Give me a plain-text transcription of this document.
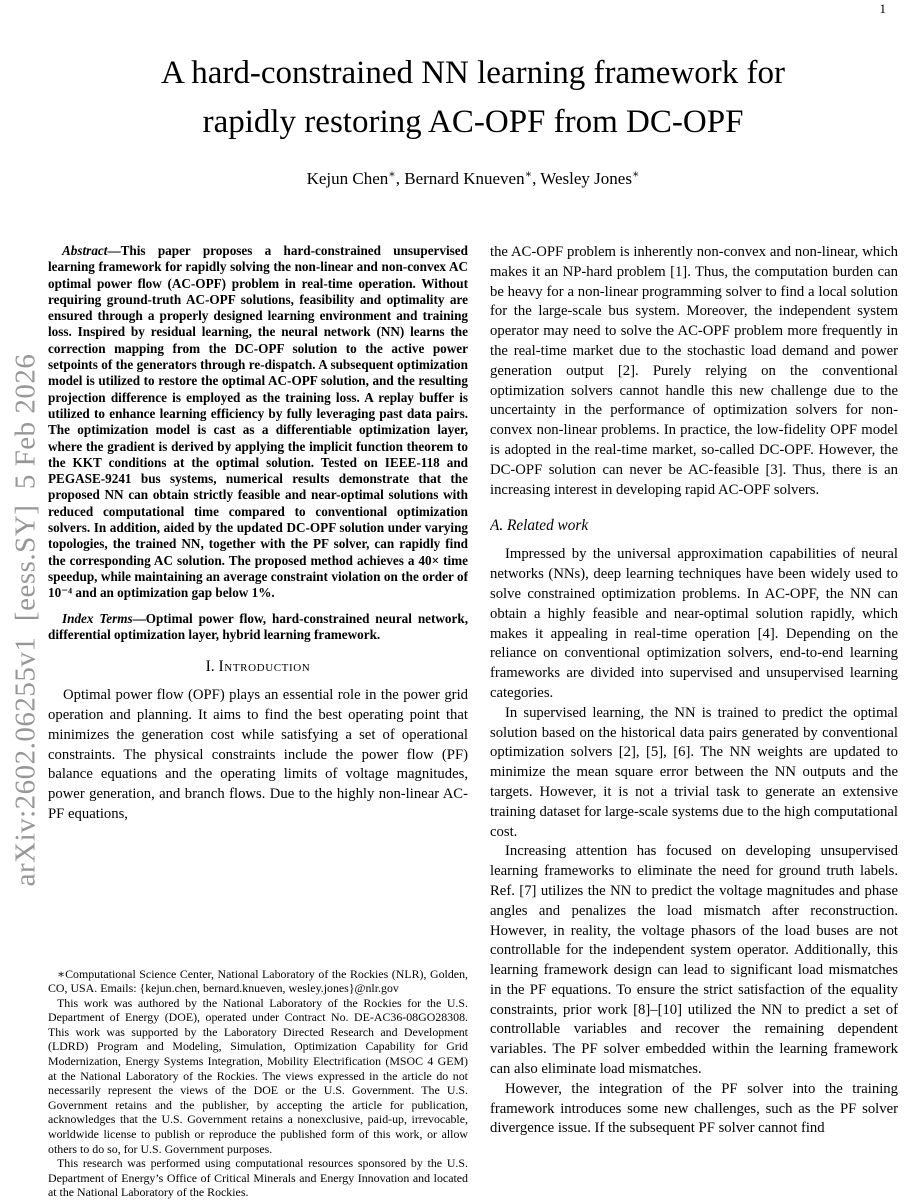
1
arXiv:2602.06255v1  [eess.SY]  5 Feb 2026
A hard-constrained NN learning framework for
rapidly restoring AC-OPF from DC-OPF
Kejun Chen∗, Bernard Knueven∗, Wesley Jones∗

Abstract—This paper proposes a hard-constrained unsupervised learning framework for rapidly solving the non-linear and non-convex AC optimal power flow (AC-OPF) problem in real-time operation. Without requiring ground-truth AC-OPF solutions, feasibility and optimality are ensured through a properly designed learning environment and training loss. Inspired by residual learning, the neural network (NN) learns the correction mapping from the DC-OPF solution to the active power setpoints of the generators through re-dispatch. A subsequent optimization model is utilized to restore the optimal AC-OPF solution, and the resulting projection difference is employed as the training loss. A replay buffer is utilized to enhance learning efficiency by fully leveraging past data pairs. The optimization model is cast as a differentiable optimization layer, where the gradient is derived by applying the implicit function theorem to the KKT conditions at the optimal solution. Tested on IEEE-118 and PEGASE-9241 bus systems, numerical results demonstrate that the proposed NN can obtain strictly feasible and near-optimal solutions with reduced computational time compared to conventional optimization solvers. In addition, aided by the updated DC-OPF solution under varying topologies, the trained NN, together with the PF solver, can rapidly find the corresponding AC solution. The proposed method achieves a 40× time speedup, while maintaining an average constraint violation on the order of 10⁻⁴ and an optimization gap below 1%.

Index Terms—Optimal power flow, hard-constrained neural network, differential optimization layer, hybrid learning framework.

I. Introduction

Optimal power flow (OPF) plays an essential role in the power grid operation and planning. It aims to find the best operating point that minimizes the generation cost while satisfying a set of operational constraints. The physical constraints include the power flow (PF) balance equations and the operating limits of voltage magnitudes, power generation, and branch flows. Due to the highly non-linear AC-PF equations,

∗Computational Science Center, National Laboratory of the Rockies (NLR), Golden, CO, USA. Emails: {kejun.chen, bernard.knueven, wesley.jones}@nlr.gov

This work was authored by the National Laboratory of the Rockies for the U.S. Department of Energy (DOE), operated under Contract No. DE-AC36-08GO28308. This work was supported by the Laboratory Directed Research and Development (LDRD) Program and Modeling, Simulation, Optimization Capability for Grid Modernization, Energy Systems Integration, Mobility Electrification (MSOC 4 GEM) at the National Laboratory of the Rockies. The views expressed in the article do not necessarily represent the views of the DOE or the U.S. Government. The U.S. Government retains and the publisher, by accepting the article for publication, acknowledges that the U.S. Government retains a nonexclusive, paid-up, irrevocable, worldwide license to publish or reproduce the published form of this work, or allow others to do so, for U.S. Government purposes.

This research was performed using computational resources sponsored by the U.S. Department of Energy’s Office of Critical Minerals and Energy Innovation and located at the National Laboratory of the Rockies.

the AC-OPF problem is inherently non-convex and non-linear, which makes it an NP-hard problem [1]. Thus, the computation burden can be heavy for a non-linear programming solver to find a local solution for the large-scale bus system. Moreover, the independent system operator may need to solve the AC-OPF problem more frequently in the real-time market due to the stochastic load demand and power generation output [2]. Purely relying on the conventional optimization solvers cannot handle this new challenge due to the uncertainty in the performance of optimization solvers for non-convex non-linear problems. In practice, the low-fidelity OPF model is adopted in the real-time market, so-called DC-OPF. However, the DC-OPF solution can never be AC-feasible [3]. Thus, there is an increasing interest in developing rapid AC-OPF solvers.

A. Related work

Impressed by the universal approximation capabilities of neural networks (NNs), deep learning techniques have been widely used to solve constrained optimization problems. In AC-OPF, the NN can obtain a highly feasible and near-optimal solution rapidly, which makes it appealing in real-time operation [4]. Depending on the reliance on conventional optimization solvers, end-to-end learning frameworks are divided into supervised and unsupervised learning categories.

In supervised learning, the NN is trained to predict the optimal solution based on the historical data pairs generated by conventional optimization solvers [2], [5], [6]. The NN weights are updated to minimize the mean square error between the NN outputs and the targets. However, it is not a trivial task to generate an extensive training dataset for large-scale systems due to the high computational cost.

Increasing attention has focused on developing unsupervised learning frameworks to eliminate the need for ground truth labels. Ref. [7] utilizes the NN to predict the voltage magnitudes and phase angles and penalizes the load mismatch after reconstruction. However, in reality, the voltage phasors of the load buses are not controllable for the independent system operator. Additionally, this learning framework design can lead to significant load mismatches in the PF equations. To ensure the strict satisfaction of the equality constraints, prior work [8]–[10] utilized the NN to predict a set of controllable variables and recover the remaining dependent variables. The PF solver embedded within the learning framework can also eliminate load mismatches.

However, the integration of the PF solver into the training framework introduces some new challenges, such as the PF solver divergence issue. If the subsequent PF solver cannot find
